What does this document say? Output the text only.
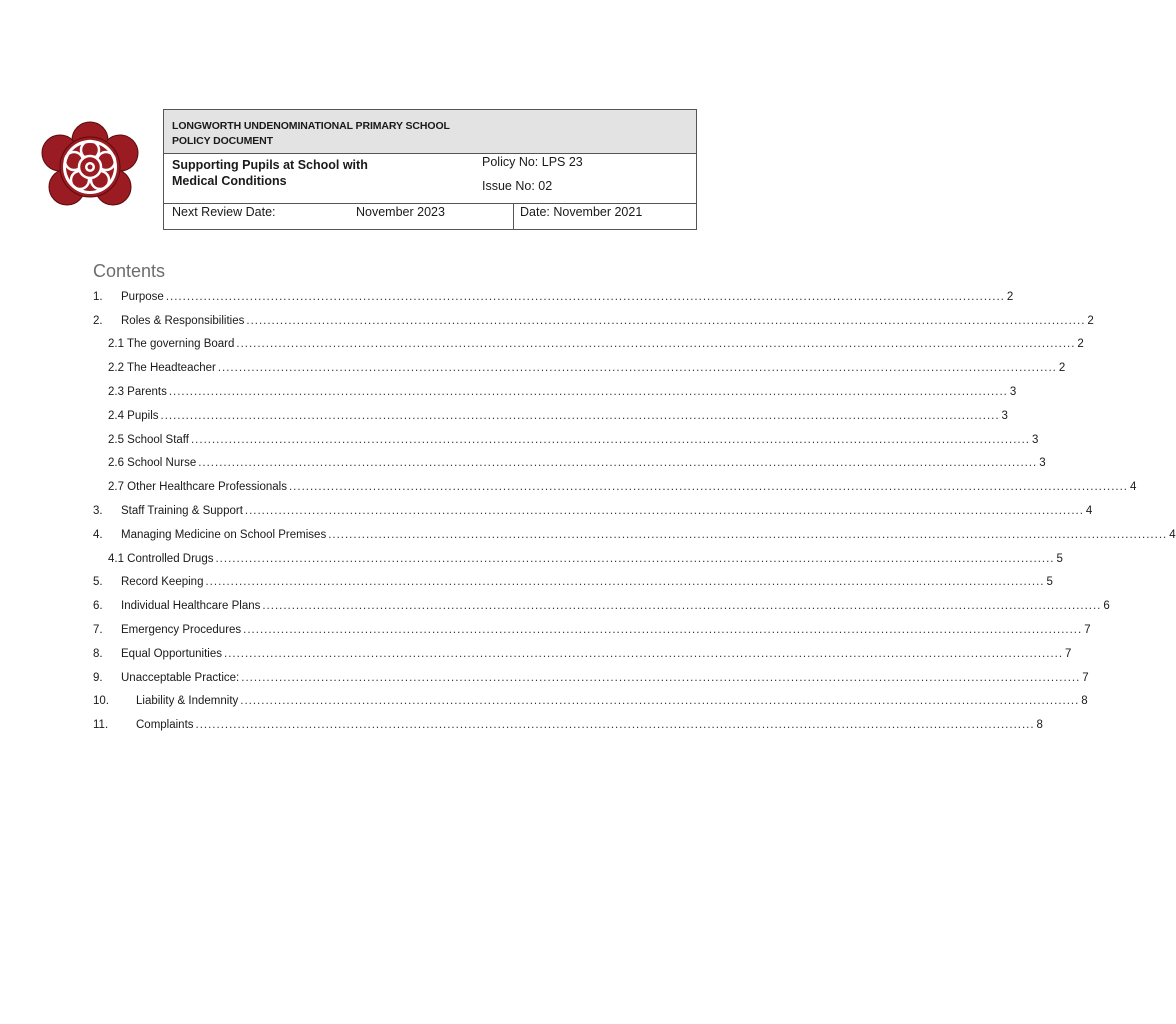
LONGWORTH UNDENOMINATIONAL PRIMARY SCHOOL
POLICY DOCUMENT
Supporting Pupils at School with
Medical Conditions
Policy No: LPS 23
Issue No: 02
Next Review Date:	November 2023	Date: November 2021
Contents
1.	Purpose ........................................................................................................................................................................................................ 2
2.	Roles & Responsibilities ........................................................................................................................................................................................................ 2
2.1 The governing Board ........................................................................................................................................................................................................ 2
2.2 The Headteacher ........................................................................................................................................................................................................ 2
2.3 Parents ........................................................................................................................................................................................................ 3
2.4 Pupils ........................................................................................................................................................................................................ 3
2.5 School Staff ........................................................................................................................................................................................................ 3
2.6 School Nurse ........................................................................................................................................................................................................ 3
2.7 Other Healthcare Professionals ........................................................................................................................................................................................................ 4
3.	Staff Training & Support ........................................................................................................................................................................................................ 4
4.	Managing Medicine on School Premises ........................................................................................................................................................................................................ 4
4.1 Controlled Drugs ........................................................................................................................................................................................................ 5
5.	Record Keeping ........................................................................................................................................................................................................ 5
6.	Individual Healthcare Plans ........................................................................................................................................................................................................ 6
7.	Emergency Procedures ........................................................................................................................................................................................................ 7
8.	Equal Opportunities ........................................................................................................................................................................................................ 7
9.	Unacceptable Practice: ........................................................................................................................................................................................................ 7
10.	Liability & Indemnity ........................................................................................................................................................................................................ 8
11.	Complaints ........................................................................................................................................................................................................ 8
